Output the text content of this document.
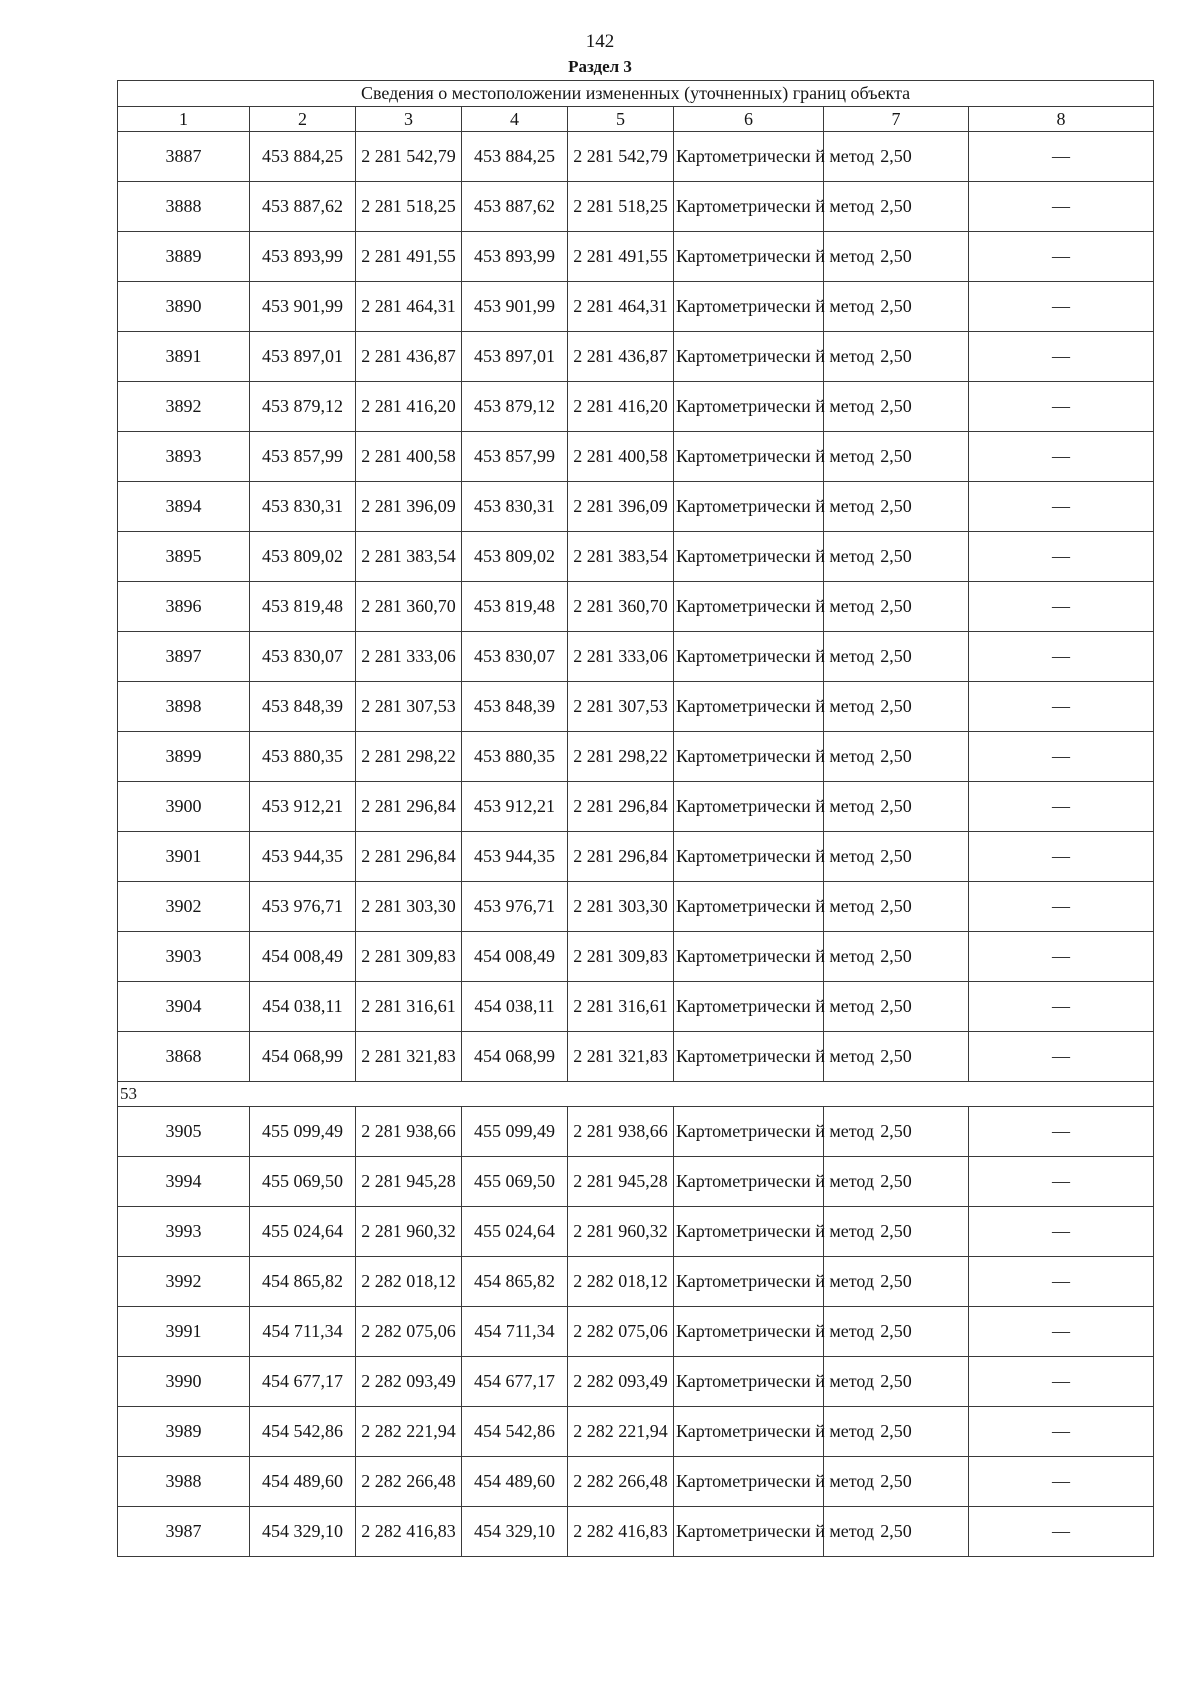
142
Раздел 3
Сведения о местоположении измененных (уточненных) границ объекта							
1	2	3	4	5	6	7	8
3887	453 884,25	2 281 542,79	453 884,25	2 281 542,79	Картометрически й метод	2,50	—
3888	453 887,62	2 281 518,25	453 887,62	2 281 518,25	Картометрически й метод	2,50	—
3889	453 893,99	2 281 491,55	453 893,99	2 281 491,55	Картометрически й метод	2,50	—
3890	453 901,99	2 281 464,31	453 901,99	2 281 464,31	Картометрически й метод	2,50	—
3891	453 897,01	2 281 436,87	453 897,01	2 281 436,87	Картометрически й метод	2,50	—
3892	453 879,12	2 281 416,20	453 879,12	2 281 416,20	Картометрически й метод	2,50	—
3893	453 857,99	2 281 400,58	453 857,99	2 281 400,58	Картометрически й метод	2,50	—
3894	453 830,31	2 281 396,09	453 830,31	2 281 396,09	Картометрически й метод	2,50	—
3895	453 809,02	2 281 383,54	453 809,02	2 281 383,54	Картометрически й метод	2,50	—
3896	453 819,48	2 281 360,70	453 819,48	2 281 360,70	Картометрически й метод	2,50	—
3897	453 830,07	2 281 333,06	453 830,07	2 281 333,06	Картометрически й метод	2,50	—
3898	453 848,39	2 281 307,53	453 848,39	2 281 307,53	Картометрически й метод	2,50	—
3899	453 880,35	2 281 298,22	453 880,35	2 281 298,22	Картометрически й метод	2,50	—
3900	453 912,21	2 281 296,84	453 912,21	2 281 296,84	Картометрически й метод	2,50	—
3901	453 944,35	2 281 296,84	453 944,35	2 281 296,84	Картометрически й метод	2,50	—
3902	453 976,71	2 281 303,30	453 976,71	2 281 303,30	Картометрически й метод	2,50	—
3903	454 008,49	2 281 309,83	454 008,49	2 281 309,83	Картометрически й метод	2,50	—
3904	454 038,11	2 281 316,61	454 038,11	2 281 316,61	Картометрически й метод	2,50	—
3868	454 068,99	2 281 321,83	454 068,99	2 281 321,83	Картометрически й метод	2,50	—
53							
3905	455 099,49	2 281 938,66	455 099,49	2 281 938,66	Картометрически й метод	2,50	—
3994	455 069,50	2 281 945,28	455 069,50	2 281 945,28	Картометрически й метод	2,50	—
3993	455 024,64	2 281 960,32	455 024,64	2 281 960,32	Картометрически й метод	2,50	—
3992	454 865,82	2 282 018,12	454 865,82	2 282 018,12	Картометрически й метод	2,50	—
3991	454 711,34	2 282 075,06	454 711,34	2 282 075,06	Картометрически й метод	2,50	—
3990	454 677,17	2 282 093,49	454 677,17	2 282 093,49	Картометрически й метод	2,50	—
3989	454 542,86	2 282 221,94	454 542,86	2 282 221,94	Картометрически й метод	2,50	—
3988	454 489,60	2 282 266,48	454 489,60	2 282 266,48	Картометрически й метод	2,50	—
3987	454 329,10	2 282 416,83	454 329,10	2 282 416,83	Картометрически й метод	2,50	—
